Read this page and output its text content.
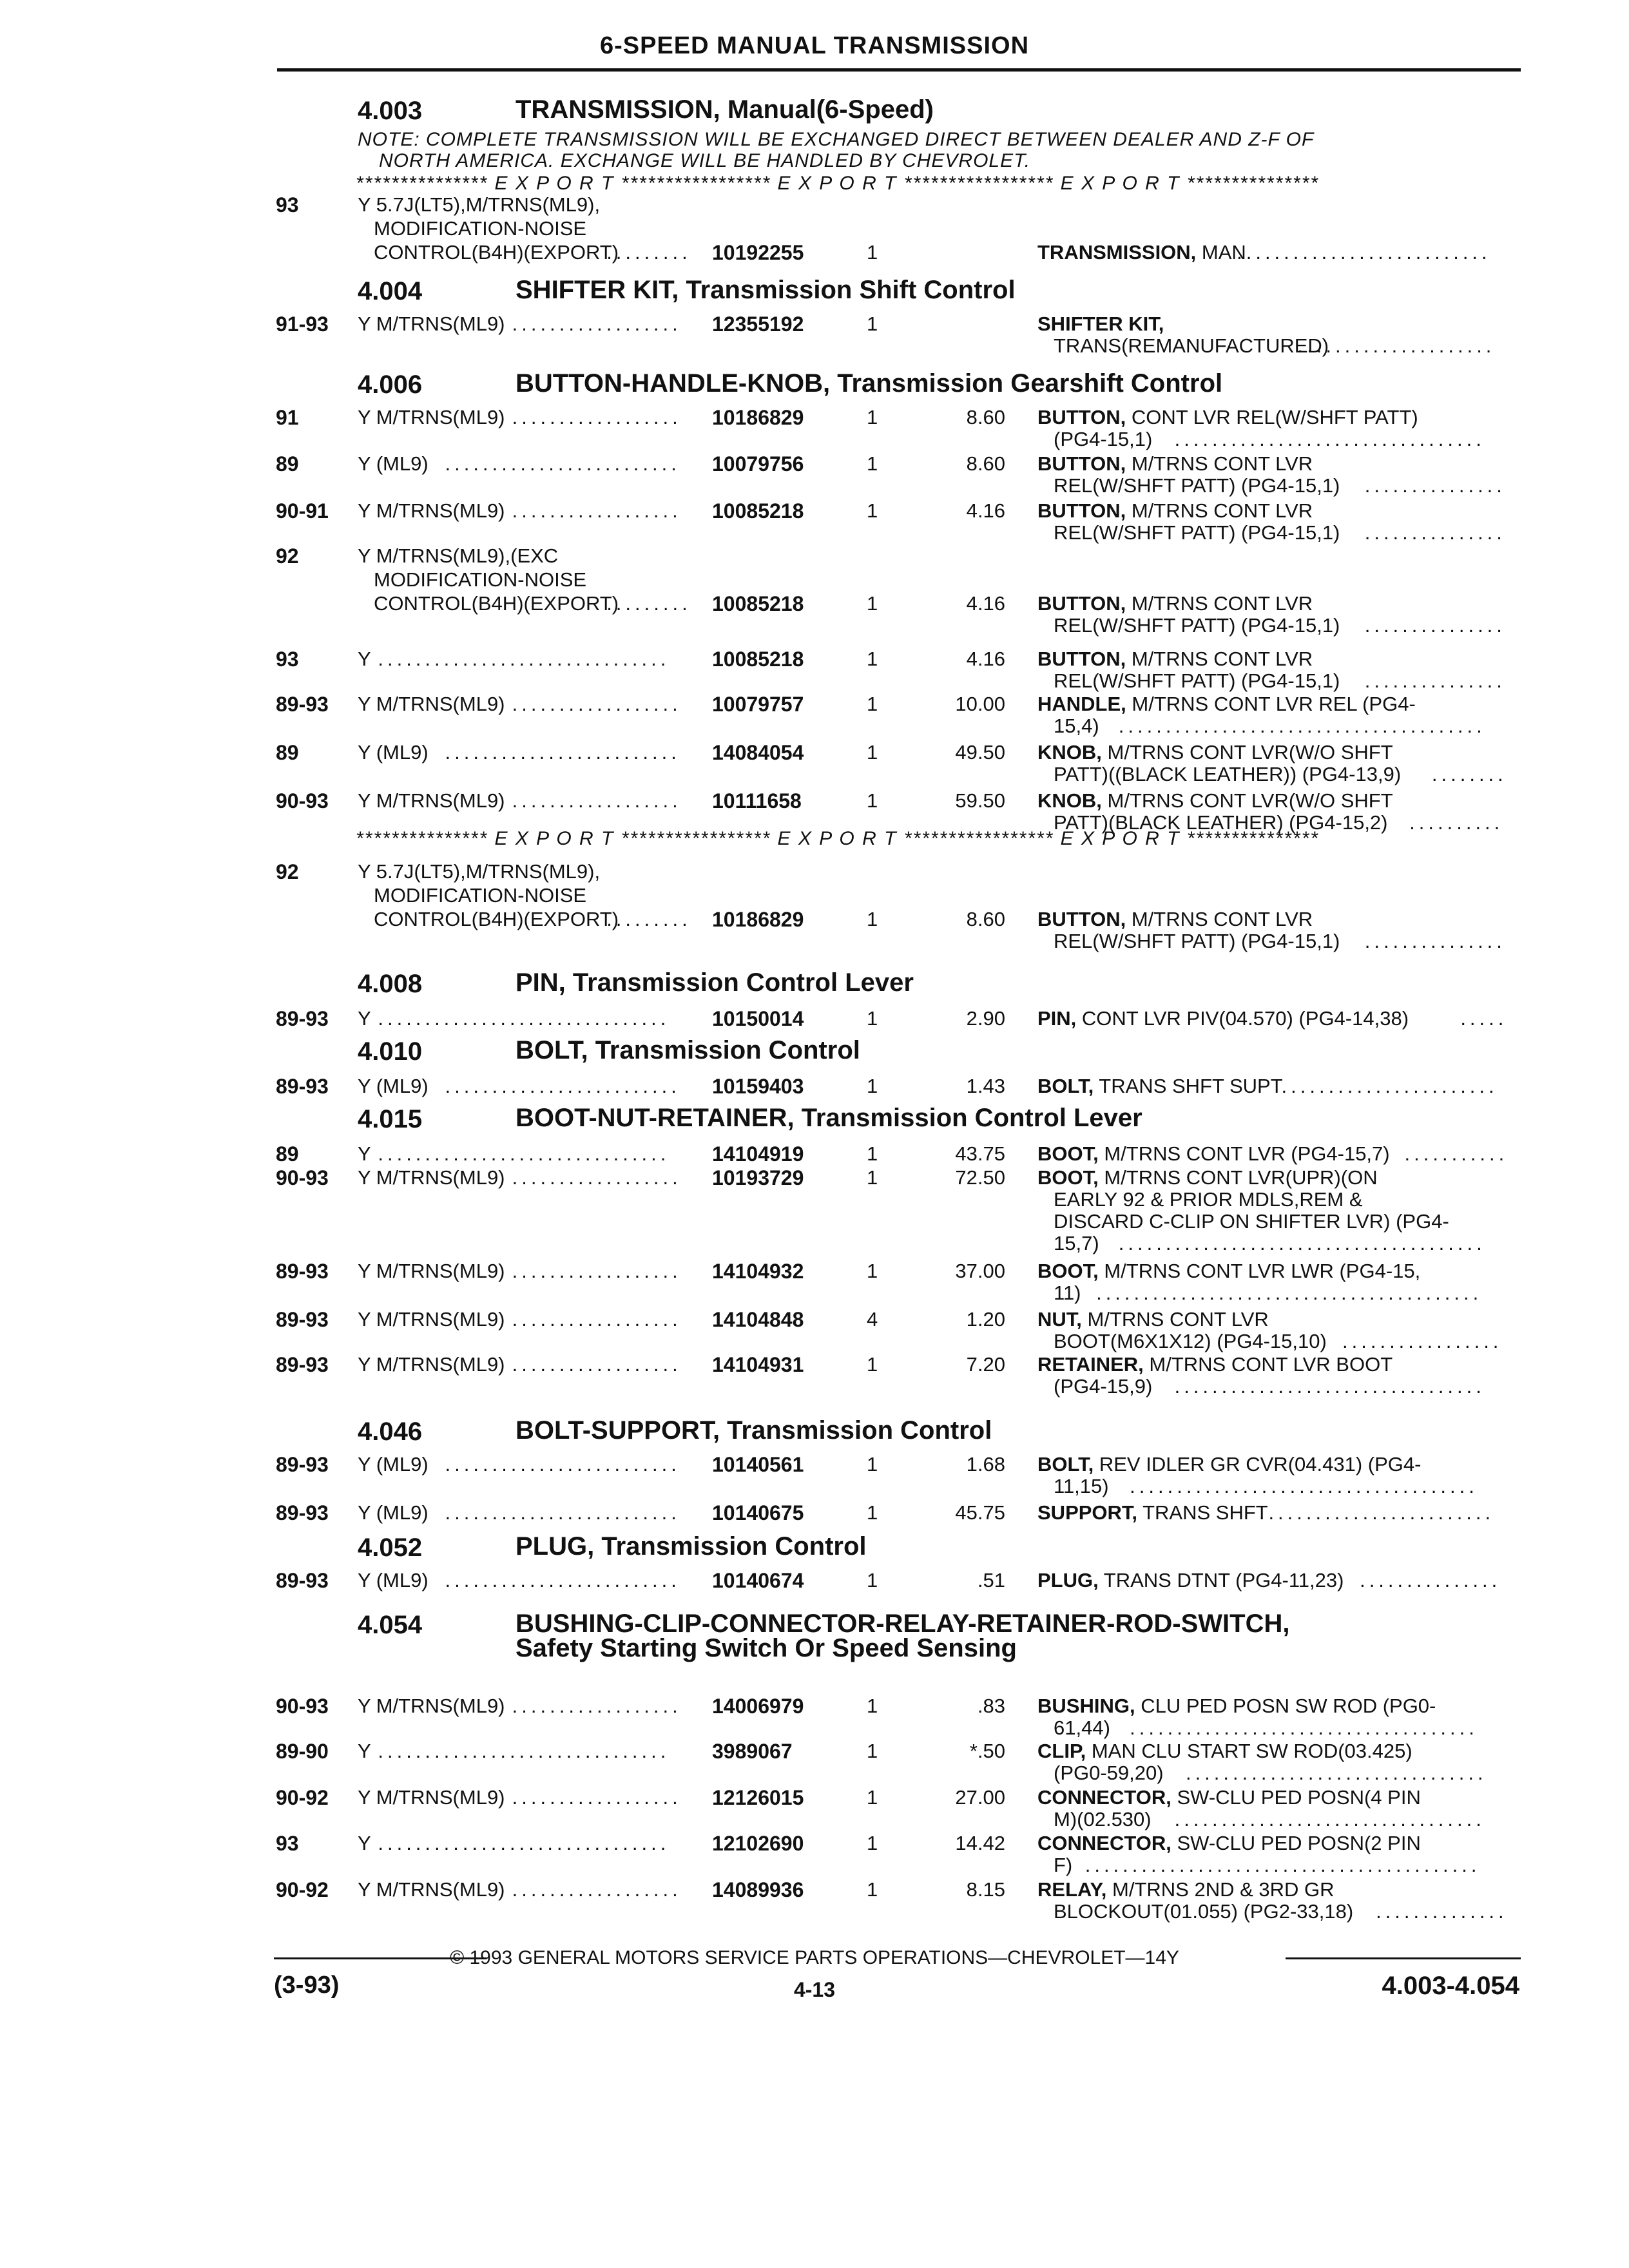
6-SPEED MANUAL TRANSMISSION
4.003	TRANSMISSION, Manual(6-Speed)
NOTE: COMPLETE TRANSMISSION WILL BE EXCHANGED DIRECT BETWEEN DEALER AND Z-F OF
NORTH AMERICA. EXCHANGE WILL BE HANDLED BY CHEVROLET.
*************** E X P O R T ***************** E X P O R T ***************** E X P O R T ***************
93	Y 5.7J(LT5),M/TRNS(ML9),
MODIFICATION-NOISE
CONTROL(B4H)(EXPORT)
......... 10192255	1	TRANSMISSION, MAN
...........................
4.004	SHIFTER KIT, Transmission Shift Control
91-93 Y M/TRNS(ML9) ..................	12355192	1	SHIFTER KIT,
TRANS(REMANUFACTURED)
.....................
4.006	BUTTON-HANDLE-KNOB, Transmission Gearshift Control
91	Y M/TRNS(ML9) ..................	10186829	1	8.60 BUTTON, CONT LVR REL(W/SHFT PATT)
(PG4-15,1) .................................
89	Y (ML9) .........................	10079756	1	8.60 BUTTON, M/TRNS CONT LVR
REL(W/SHFT PATT) (PG4-15,1) ...............
90-91 Y M/TRNS(ML9) ..................	10085218	1	4.16 BUTTON, M/TRNS CONT LVR
REL(W/SHFT PATT) (PG4-15,1) ...............
92	Y M/TRNS(ML9),(EXC
MODIFICATION-NOISE
CONTROL(B4H)(EXPORT)
......... 10085218	1	4.16 BUTTON, M/TRNS CONT LVR
REL(W/SHFT PATT) (PG4-15,1) ...............
93	Y ...............................	10085218	1	4.16 BUTTON, M/TRNS CONT LVR
REL(W/SHFT PATT) (PG4-15,1) ...............
89-93 Y M/TRNS(ML9) ..................	10079757	1	10.00 HANDLE, M/TRNS CONT LVR REL (PG4-
15,4) .......................................
89	Y (ML9) .........................	14084054	1	49.50 KNOB, M/TRNS CONT LVR(W/O SHFT
PATT)((BLACK LEATHER)) (PG4-13,9) ........
90-93 Y M/TRNS(ML9) ..................	10111658	1	59.50 KNOB, M/TRNS CONT LVR(W/O SHFT
PATT)(BLACK LEATHER) (PG4-15,2) ..........
*************** E X P O R T ***************** E X P O R T ***************** E X P O R T ***************
92	Y 5.7J(LT5),M/TRNS(ML9),
MODIFICATION-NOISE
CONTROL(B4H)(EXPORT)
......... 10186829	1	8.60 BUTTON, M/TRNS CONT LVR
REL(W/SHFT PATT) (PG4-15,1) ...............
4.008	PIN, Transmission Control Lever
89-93 Y ...............................	10150014	1	2.90 PIN, CONT LVR PIV(04.570) (PG4-14,38)	.....
4.010	BOLT, Transmission Control
89-93 Y (ML9) .........................	10159403	1	1.43 BOLT, TRANS SHFT SUPT
.......................
4.015	BOOT-NUT-RETAINER, Transmission Control Lever
89	Y ...............................	14104919	1	43.75 BOOT, M/TRNS CONT LVR (PG4-15,7) ...........
90-93 Y M/TRNS(ML9) ..................	10193729	1	72.50 BOOT, M/TRNS CONT LVR(UPR)(ON
EARLY 92 & PRIOR MDLS,REM &
DISCARD C-CLIP ON SHIFTER LVR) (PG4-
15,7) .......................................
89-93 Y M/TRNS(ML9) ..................	14104932	1	37.00 BOOT, M/TRNS CONT LVR LWR (PG4-15,
11) .........................................
89-93 Y M/TRNS(ML9) ..................	14104848	4	1.20 NUT, M/TRNS CONT LVR
BOOT(M6X1X12) (PG4-15,10) .................
89-93 Y M/TRNS(ML9) ..................	14104931	1	7.20 RETAINER, M/TRNS CONT LVR BOOT
(PG4-15,9) .................................
4.046	BOLT-SUPPORT, Transmission Control
89-93 Y (ML9) .........................	10140561	1	1.68 BOLT, REV IDLER GR CVR(04.431) (PG4-
11,15) .....................................
89-93 Y (ML9) .........................	10140675	1	45.75 SUPPORT, TRANS SHFT
.........................
4.052	PLUG, Transmission Control
89-93 Y (ML9) .........................	10140674	1	.51 PLUG, TRANS DTNT (PG4-11,23) ...............
4.054	BUSHING-CLIP-CONNECTOR-RELAY-RETAINER-ROD-SWITCH,
Safety Starting Switch Or Speed Sensing
90-93 Y M/TRNS(ML9) ..................	14006979	1	.83 BUSHING, CLU PED POSN SW ROD (PG0-
61,44) .....................................
89-90 Y ...............................	3989067	1	*.50 CLIP, MAN CLU START SW ROD(03.425)
(PG0-59,20) ................................
90-92 Y M/TRNS(ML9) ..................	12126015	1	27.00 CONNECTOR, SW-CLU PED POSN(4 PIN
M)(02.530) .................................
93	Y ...............................	12102690	1	14.42 CONNECTOR, SW-CLU PED POSN(2 PIN
F) ..........................................
90-92 Y M/TRNS(ML9) ..................	14089936	1	8.15 RELAY, M/TRNS 2ND & 3RD GR
BLOCKOUT(01.055) (PG2-33,18) ..............
© 1993 GENERAL MOTORS SERVICE PARTS OPERATIONS—CHEVROLET—14Y
(3-93)	4-13	4.003-4.054
